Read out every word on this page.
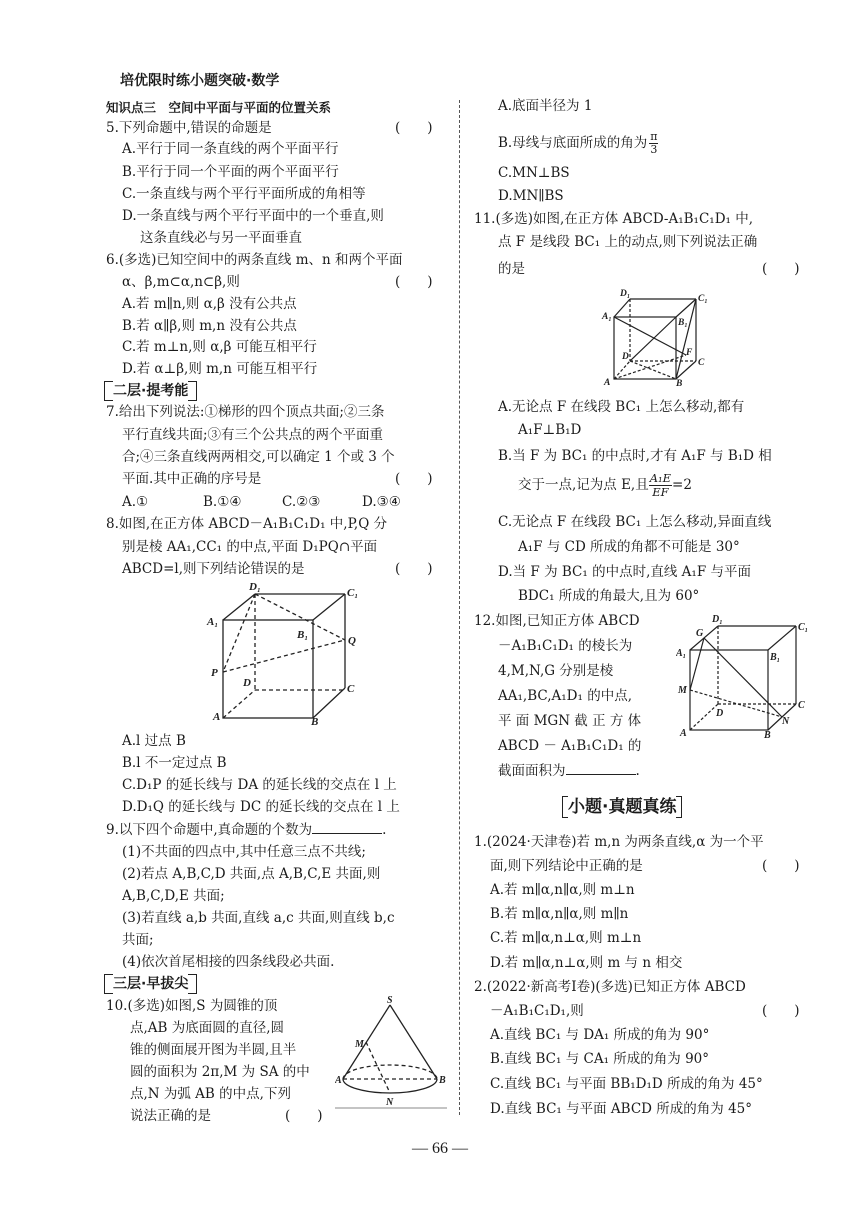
培优限时练小题突破·数学
知识点三　空间中平面与平面的位置关系
5.下列命题中,错误的命题是	(　　)
A.平行于同一条直线的两个平面平行
B.平行于同一个平面的两个平面平行
C.一条直线与两个平行平面所成的角相等
D.一条直线与两个平行平面中的一个垂直,则
这条直线必与另一平面垂直
6.(多选)已知空间中的两条直线 m、n 和两个平面
α、β,m⊂α,n⊂β,则	(　　)
A.若 m∥n,则 α,β 没有公共点
B.若 α∥β,则 m,n 没有公共点
C.若 m⊥n,则 α,β 可能互相平行
D.若 α⊥β,则 m,n 可能互相平行
二层·提考能
7.给出下列说法:①梯形的四个顶点共面;②三条
平行直线共面;③有三个公共点的两个平面重
合;④三条直线两两相交,可以确定 1 个或 3 个
平面.其中正确的序号是	(　　)
A.①	B.①④	C.②③	D.③④
8.如图,在正方体 ABCD－A₁B₁C₁D₁ 中,P,Q 分
别是棱 AA₁,CC₁ 的中点,平面 D₁PQ∩平面
ABCD=l,则下列结论错误的是	(　　)
D₁	C₁
A₁
B₁	Q
P
D	C
A	B
A.l 过点 B
B.l 不一定过点 B
C.D₁P 的延长线与 DA 的延长线的交点在 l 上
D.D₁Q 的延长线与 DC 的延长线的交点在 l 上
9.以下四个命题中,真命题的个数为	.
(1)不共面的四点中,其中任意三点不共线;
(2)若点 A,B,C,D 共面,点 A,B,C,E 共面,则
A,B,C,D,E 共面;
(3)若直线 a,b 共面,直线 a,c 共面,则直线 b,c
共面;
(4)依次首尾相接的四条线段必共面.
三层·早拔尖
10.(多选)如图,S 为圆锥的顶
点,AB 为底面圆的直径,圆
锥的侧面展开图为半圆,且半
圆的面积为 2π,M 为 SA 的中
点,N 为弧 AB 的中点,下列
说法正确的是	(　　)
S
M
A	B
N
A.底面半径为 1
B.母线与底面所成的角为 $\frac{\pi}{3}$
C.MN⊥BS
D.MN∥BS
11.(多选)如图,在正方体 ABCD-A₁B₁C₁D₁ 中,
点 F 是线段 BC₁ 上的动点,则下列说法正确
的是	(　　)
D₁	C₁
A₁
B₁
D	F
C
A	B
A.无论点 F 在线段 BC₁ 上怎么移动,都有
A₁F⊥B₁D
B.当 F 为 BC₁ 的中点时,才有 A₁F 与 B₁D 相
交于一点,记为点 E,且 $\frac{\text{A₁E}}{EF} =2$
C.无论点 F 在线段 BC₁ 上怎么移动,异面直线
A₁F 与 CD 所成的角都不可能是 30°
D.当 F 为 BC₁ 的中点时,直线 A₁F 与平面
BDC₁ 所成的角最大,且为 60°
12.如图,已知正方体 ABCD
－A₁B₁C₁D₁ 的棱长为
4,M,N,G 分别是棱
AA₁,BC,A₁D₁ 的中点,
平 面 MGN 截 正 方 体
ABCD － A₁B₁C₁D₁ 的
截面面积为	.
D₁
G
C₁
A₁	B₁
M
D
C
N
A	B
小题·真题真练
1.(2024·天津卷)若 m,n 为两条直线,α 为一个平
面,则下列结论中正确的是	(　　)
A.若 m∥α,n∥α,则 m⊥n
B.若 m∥α,n∥α,则 m∥n
C.若 m∥α,n⊥α,则 m⊥n
D.若 m∥α,n⊥α,则 m 与 n 相交
2.(2022·新高考Ⅰ卷)(多选)已知正方体 ABCD
－A₁B₁C₁D₁,则	(　　)
A.直线 BC₁ 与 DA₁ 所成的角为 90°
B.直线 BC₁ 与 CA₁ 所成的角为 90°
C.直线 BC₁ 与平面 BB₁D₁D 所成的角为 45°
D.直线 BC₁ 与平面 ABCD 所成的角为 45°
— 66 —
